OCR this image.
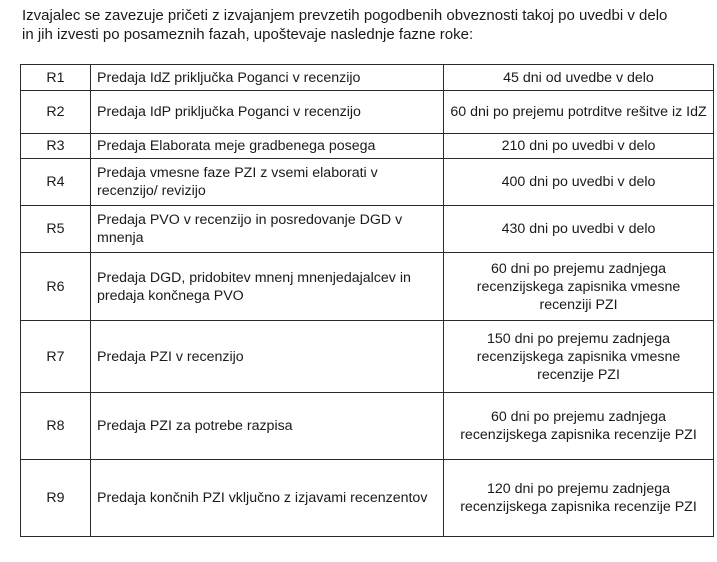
Izvajalec se zavezuje pričeti z izvajanjem prevzetih pogodbenih obveznosti takoj po uvedbi v delo

in jih izvesti po posameznih fazah, upoštevaje naslednje fazne roke:

R1	Predaja IdZ priključka Poganci v recenzijo	45 dni od uvedbe v delo
R2	Predaja IdP priključka Poganci v recenzijo	60 dni po prejemu potrditve rešitve iz IdZ
R3	Predaja Elaborata meje gradbenega posega	210 dni po uvedbi v delo
R4	Predaja vmesne faze PZI z vsemi elaborati v recenzijo/ revizijo	400 dni po uvedbi v delo
R5	Predaja PVO v recenzijo in posredovanje DGD v mnenja	430 dni po uvedbi v delo
R6	Predaja DGD, pridobitev mnenj mnenjedajalcev in predaja končnega PVO	60 dni po prejemu zadnjega recenzijskega zapisnika vmesne recenziji PZI
R7	Predaja PZI v recenzijo	150 dni po prejemu zadnjega recenzijskega zapisnika vmesne recenzije PZI
R8	Predaja PZI za potrebe razpisa	60 dni po prejemu zadnjega recenzijskega zapisnika recenzije PZI
R9	Predaja končnih PZI vključno z izjavami recenzentov	120 dni po prejemu zadnjega recenzijskega zapisnika recenzije PZI
